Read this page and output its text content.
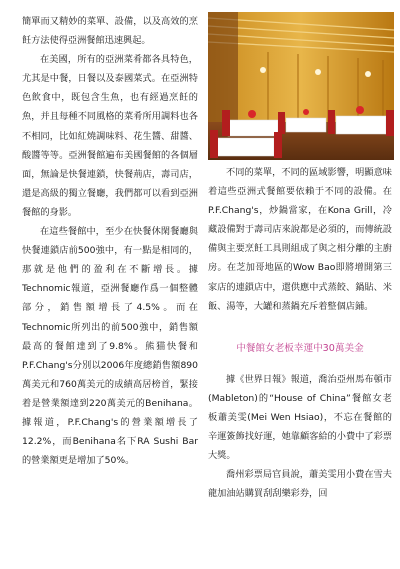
簡單而又精妙的菜單、設備，以及高效的烹飪方法使得亞洲餐館迅速興起。

在美國，所有的亞洲菜肴都各具特色，尤其是中餐，日餐以及泰國菜式。在亞洲特色飲食中，既包含生魚，也有經過烹飪的魚，并且每種不同風格的菜肴所用調料也各不相同，比如紅燒調味料、花生醬、甜醬、酸醬等等。亞洲餐館遍布美國餐館的各個層面，無論是快餐連鎖，快餐荊店，壽司店，還是高級的獨立餐廳，我們都可以看到亞洲餐館的身影。

在這些餐館中，至少在快餐休閑餐廳與快餐連鎖店前500強中，有一點是相同的，那就是他們的盈利在不斷增長。據Technomic報道，亞洲餐廳作爲一個整體部分，銷售額增長了4.5%。而在Technomic所列出的前500強中，銷售額最高的餐館達到了9.8%。熊猫快餐和P.F.Chang's分別以2006年度總銷售額890萬美元和760萬美元的成績高居榜首，緊接着是營業額達到220萬美元的Benihana。據報道，P.F.Chang's的營業額增長了12.2%，而Benihana名下RA Sushi Bar的營業額更是增加了50%。

不同的菜單，不同的區域影響，明顯意味着這些亞洲式餐館要依賴于不同的設備。在P.F.Chang's，炒鍋當家，在Kona Grill，冷藏設備對于壽司店來說都是必須的，而傳統設備與主要烹飪工具則組成了與之相分離的主廚房。在芝加哥地區的Wow Bao即將增開第三家店的連鎖店中，還供應中式蒸餃、鍋貼、米飯、湯等，大罐和蒸鍋充斥着整個店鋪。

中餐館女老板幸運中30萬美金

據《世界日報》報道，喬治亞州馬布頓市(Mableton)的“House of China”餐館女老板蕭美雯(Mei Wen Hsiao)，不忘在餐館的辛運簽飾找好運，她靠顧客給的小費中了彩票大獎。

喬州彩票局官員說，蕭美雯用小費在雪夫龍加油站購買刮刮樂彩券，回
